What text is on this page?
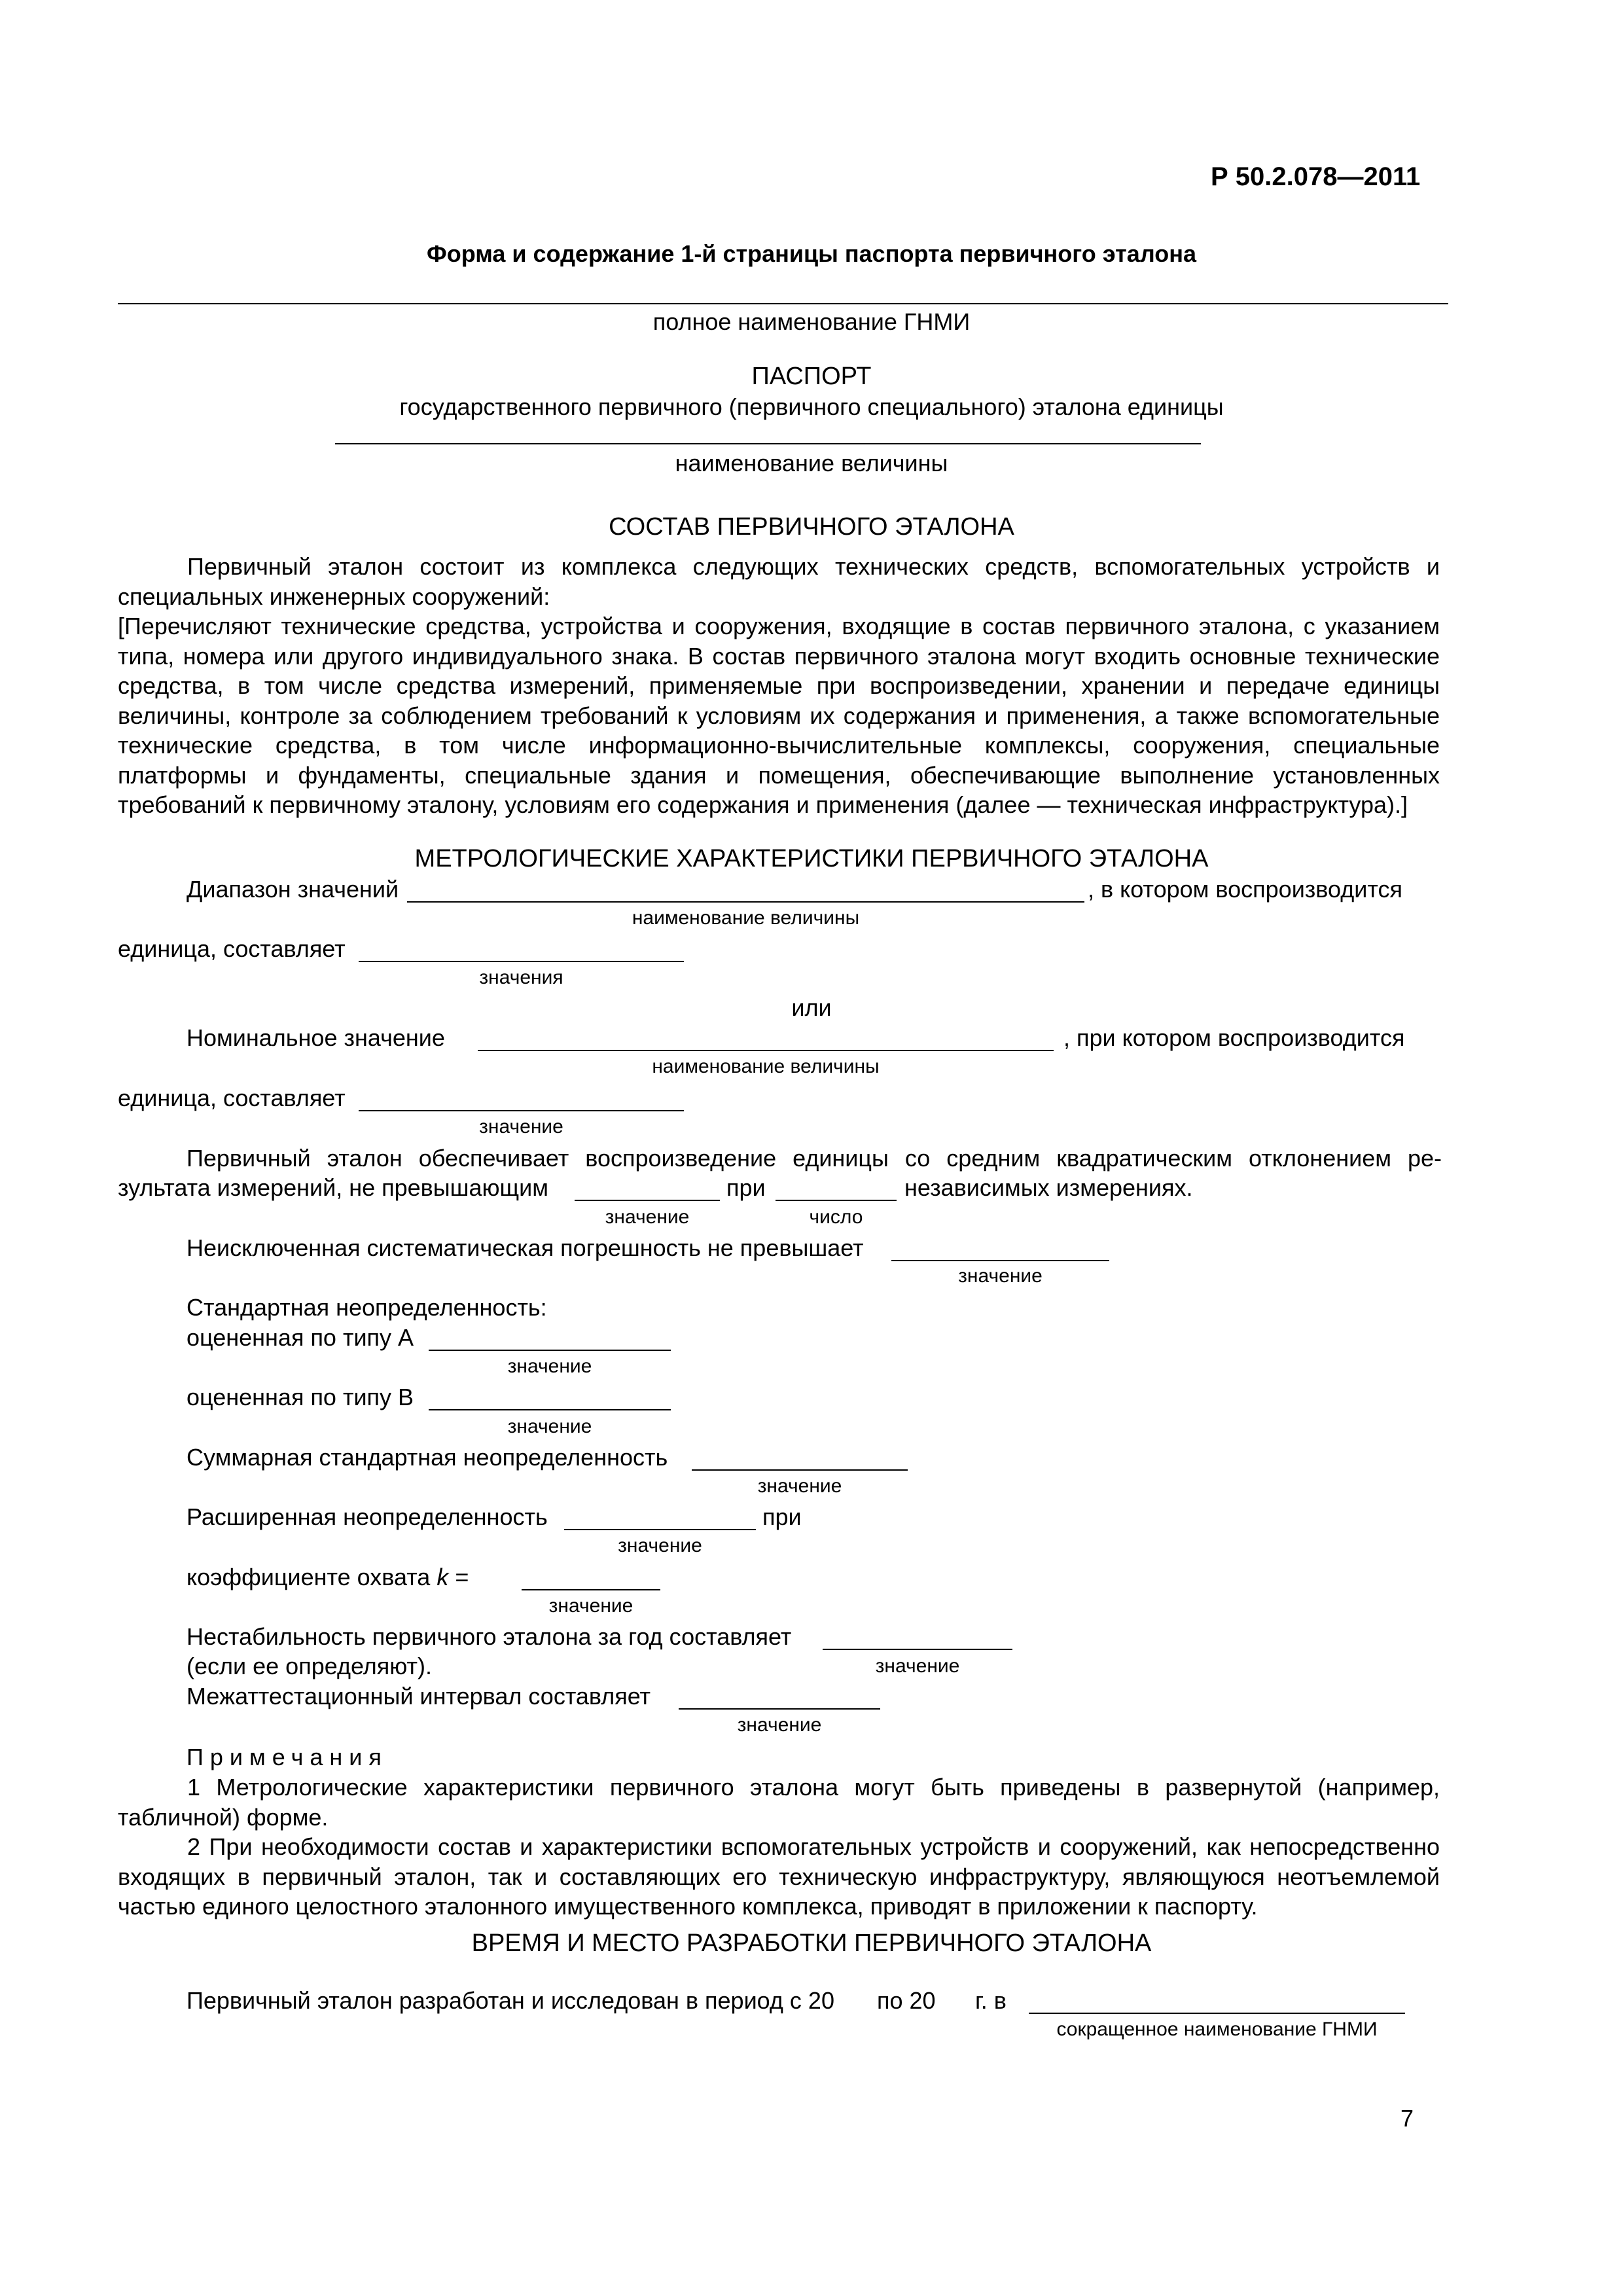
Р 50.2.078—2011
Форма и содержание 1-й страницы паспорта первичного эталона
полное наименование ГНМИ
ПАСПОРТ
государственного первичного (первичного специального) эталона единицы
наименование величины
СОСТАВ ПЕРВИЧНОГО ЭТАЛОНА
Первичный эталон состоит из комплекса следующих технических средств, вспомогательных устройств и специальных инженерных сооружений:
[Перечисляют технические средства, устройства и сооружения, входящие в состав первичного эталона, с указанием типа, номера или другого индивидуального знака. В состав первичного эталона могут входить основные технические средства, в том числе средства измерений, применяемые при воспроизведении, хранении и передаче единицы величины, контроле за соблюдением требований к условиям их содержания и применения, а также вспомогательные технические средства, в том числе информационно-вычислительные комплексы, сооружения, специальные платформы и фундаменты, специальные здания и помещения, обеспечивающие выполнение установленных требований к первичному эталону, условиям его содержания и применения (далее — техническая инфраструктура).]
МЕТРОЛОГИЧЕСКИЕ ХАРАКТЕРИСТИКИ ПЕРВИЧНОГО ЭТАЛОНА
Диапазон значений	, в котором воспроизводится
наименование величины
единица, составляет
значения
или
Номинальное значение	, при котором воспроизводится
наименование величины
единица, составляет
значение
Первичный эталон обеспечивает воспроизведение единицы со средним квадратическим отклонением ре-
зультата измерений, не превышающим	при	независимых измерениях.
значение	число
Неисключенная систематическая погрешность не превышает
значение
Стандартная неопределенность:
оцененная по типу А
значение
оцененная по типу В
значение
Суммарная стандартная неопределенность
значение
Расширенная неопределенность	при
значение
коэффициенте охвата k =
значение
Нестабильность первичного эталона за год составляет
(если ее определяют).	значение
Межаттестационный интервал составляет
значение
Примечания
1 Метрологические характеристики первичного эталона могут быть приведены в развернутой (например, табличной) форме.
2 При необходимости состав и характеристики вспомогательных устройств и сооружений, как непосредственно входящих в первичный эталон, так и составляющих его техническую инфраструктуру, являющуюся неотъемлемой частью единого целостного эталонного имущественного комплекса, приводят в приложении к паспорту.
ВРЕМЯ И МЕСТО РАЗРАБОТКИ ПЕРВИЧНОГО ЭТАЛОНА
Первичный эталон разработан и исследован в период с 20 по 20 г. в
сокращенное наименование ГНМИ
7
